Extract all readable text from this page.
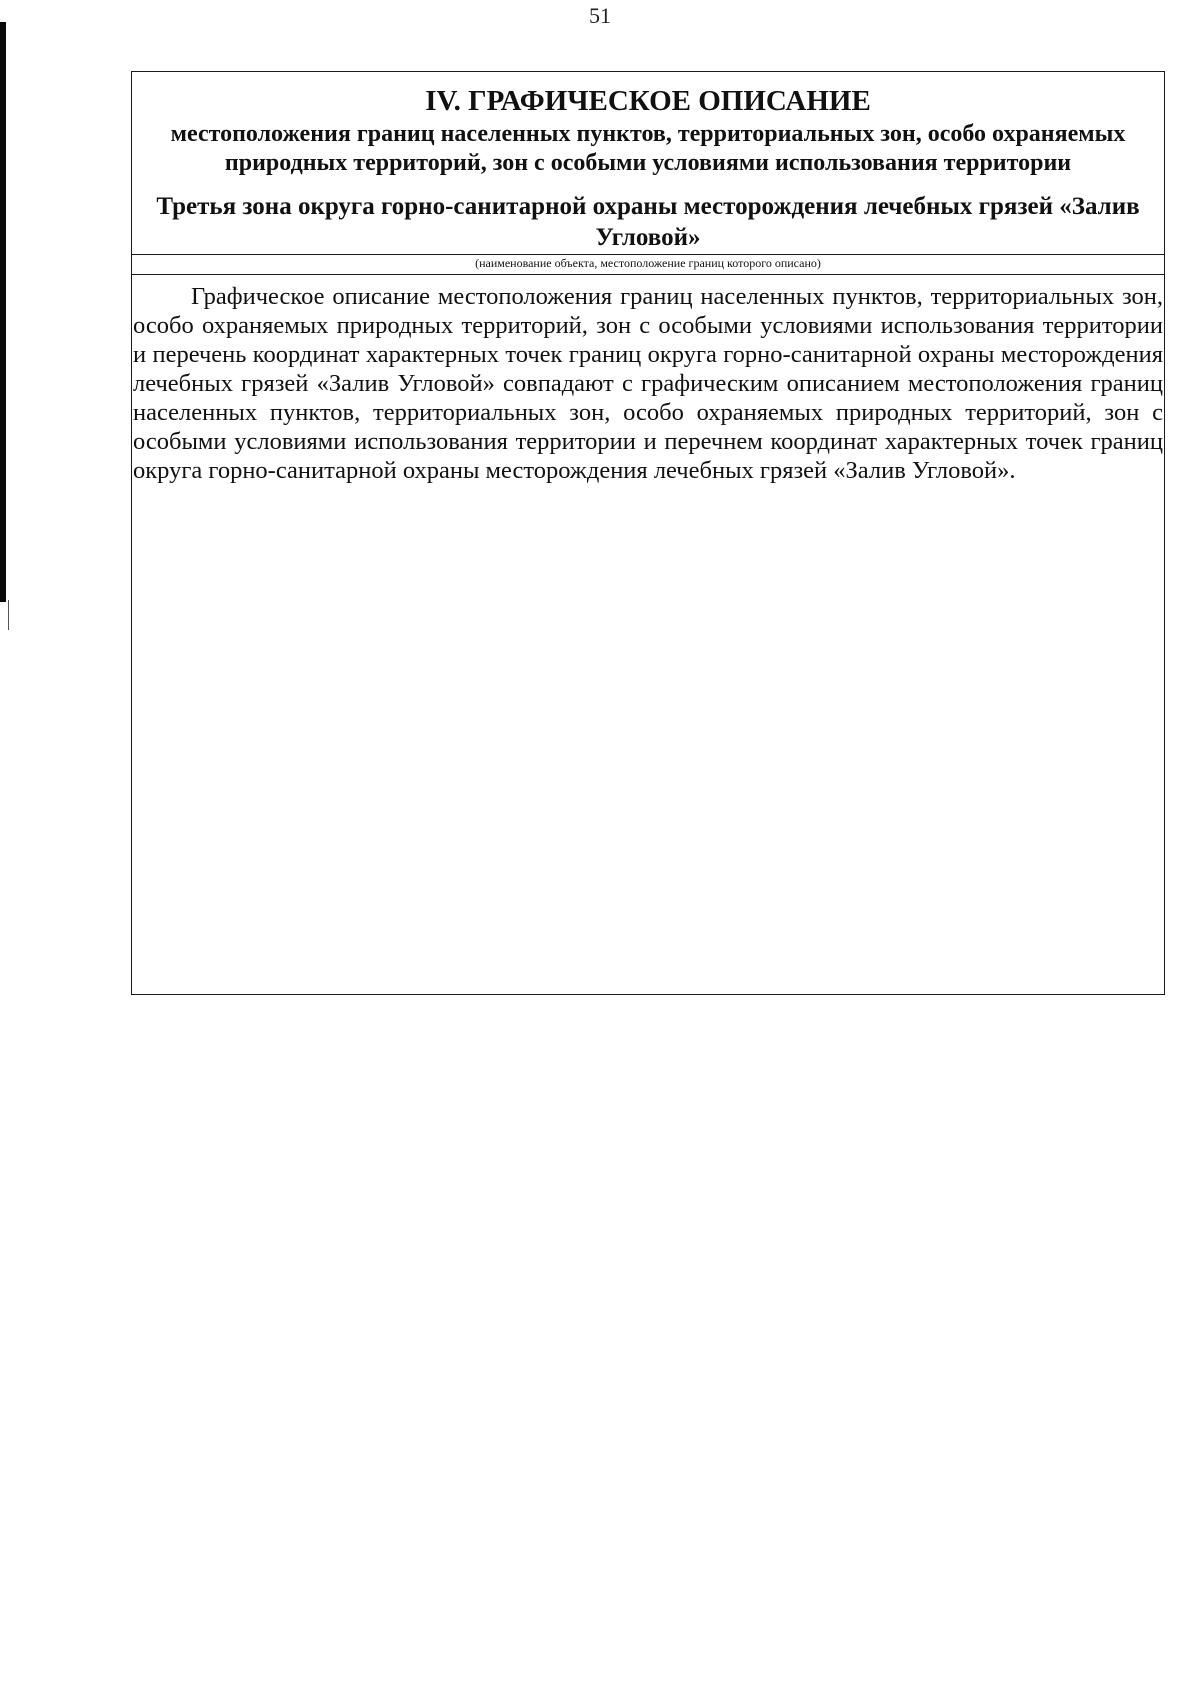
51

IV. ГРАФИЧЕСКОЕ ОПИСАНИЕ

местоположения границ населенных пунктов, территориальных зон, особо охраняемых природных территорий, зон с особыми условиями использования территории

Третья зона округа горно-санитарной охраны месторождения лечебных грязей «Залив Угловой»

(наименование объекта, местоположение границ которого описано)

Графическое описание местоположения границ населенных пунктов, территориальных зон, особо охраняемых природных территорий, зон с особыми условиями использования территории и перечень координат характерных точек границ округа горно-санитарной охраны месторождения лечебных грязей «Залив Угловой» совпадают с графическим описанием местоположения границ населенных пунктов, территориальных зон, особо охраняемых природных территорий, зон с особыми условиями использования территории и перечнем координат характерных точек границ округа горно-санитарной охраны месторождения лечебных грязей «Залив Угловой».
